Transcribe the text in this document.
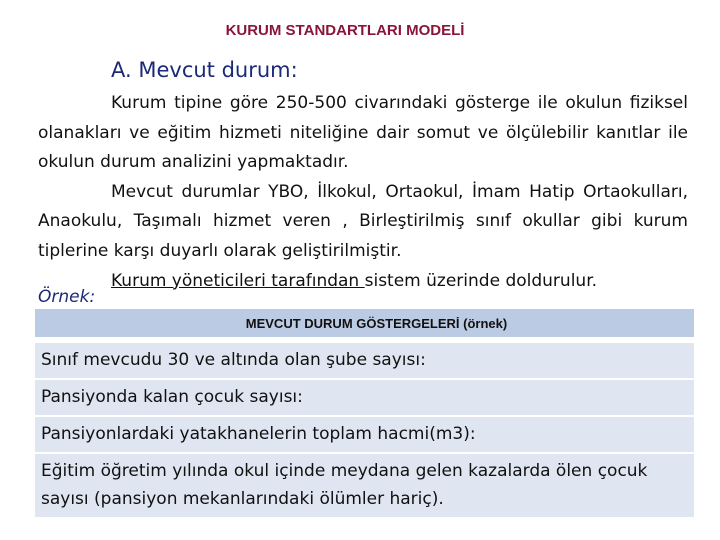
KURUM STANDARTLARI MODELİ
A. Mevcut durum:

Kurum tipine göre 250-500 civarındaki gösterge ile okulun fiziksel olanakları ve eğitim hizmeti niteliğine dair somut ve ölçülebilir kanıtlar ile okulun durum analizini yapmaktadır.

Mevcut durumlar YBO, İlkokul, Ortaokul, İmam Hatip Ortaokulları, Anaokulu, Taşımalı hizmet veren , Birleştirilmiş sınıf okullar gibi kurum tiplerine karşı duyarlı olarak geliştirilmiştir.

Kurum yöneticileri tarafından sistem üzerinde doldurulur.

Örnek:
MEVCUT DURUM GÖSTERGELERİ (örnek)
Sınıf mevcudu 30 ve altında olan şube sayısı:
Pansiyonda kalan çocuk sayısı:
Pansiyonlardaki yatakhanelerin toplam hacmi(m3):
Eğitim öğretim yılında okul içinde meydana gelen kazalarda ölen çocuk sayısı (pansiyon mekanlarındaki ölümler hariç).
